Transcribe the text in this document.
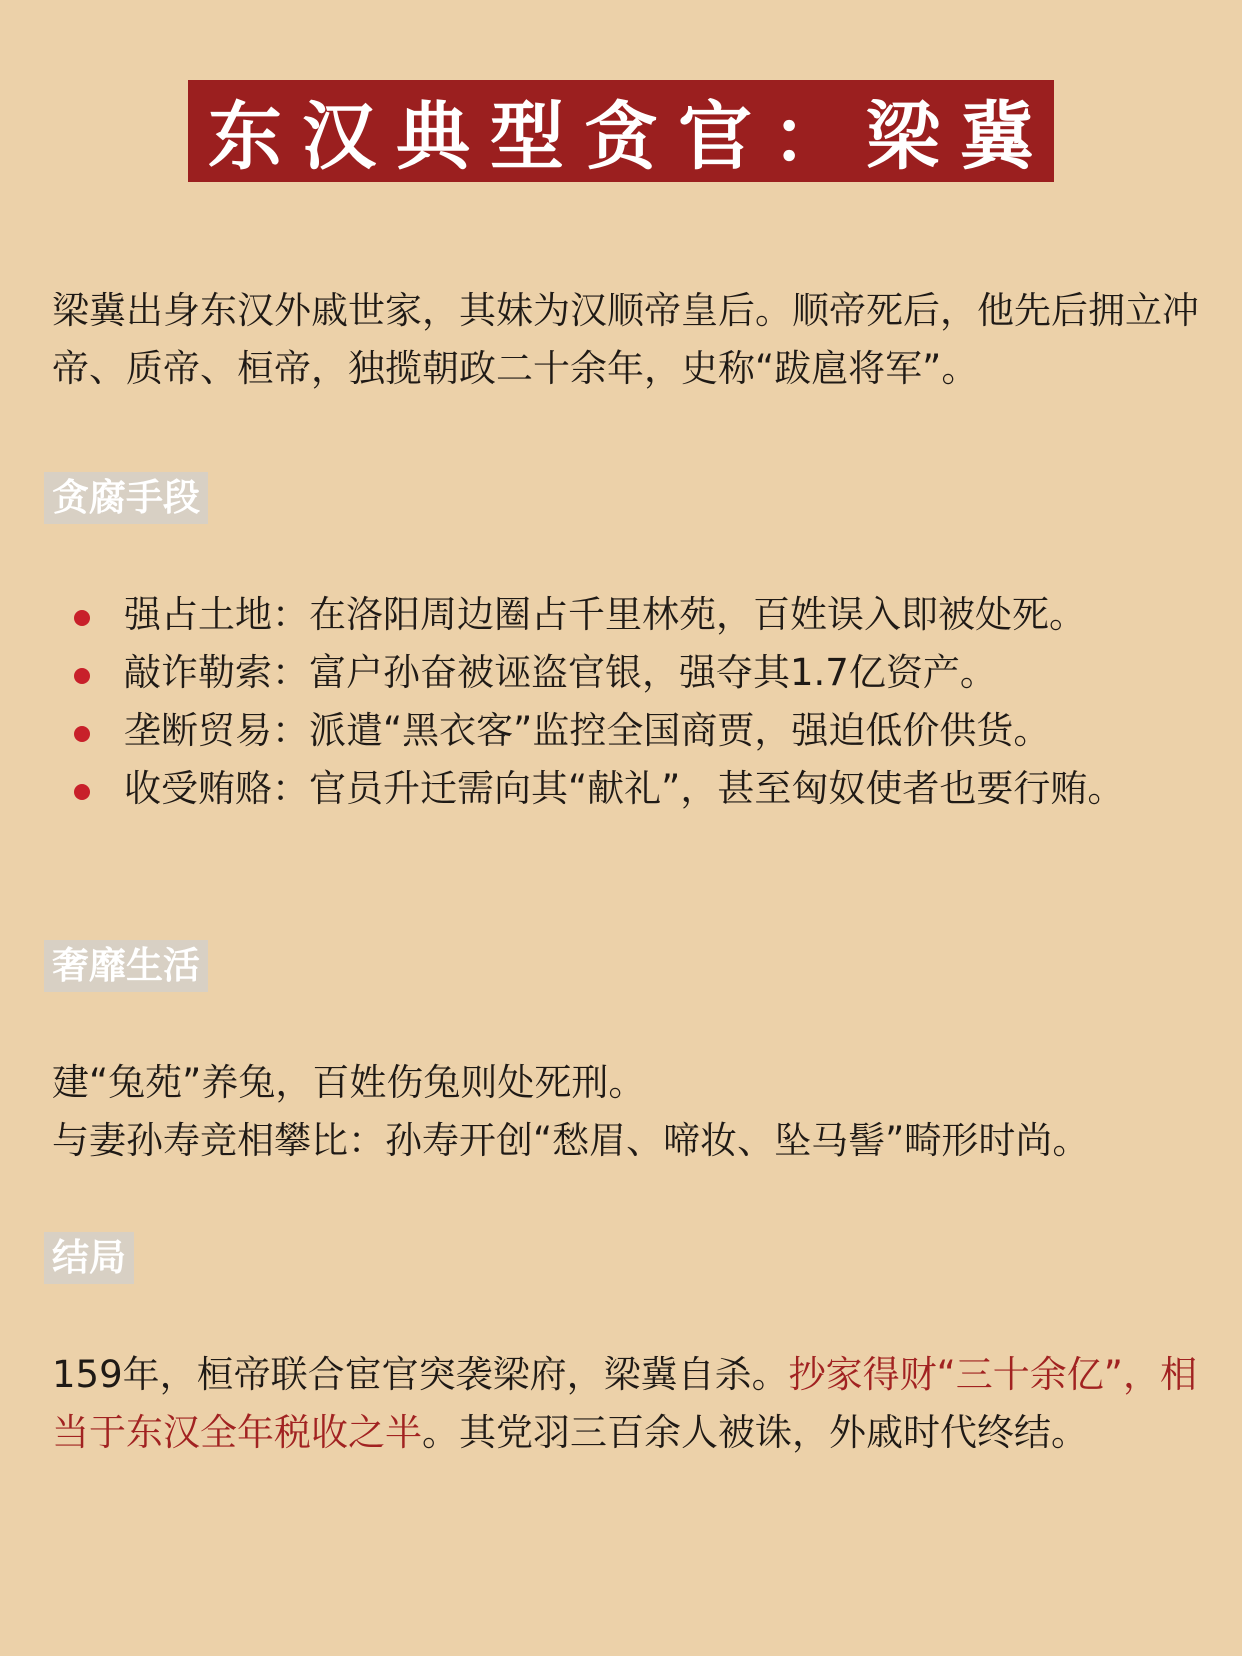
东汉典型贪官：梁冀
梁冀出身东汉外戚世家，其妹为汉顺帝皇后。顺帝死后，他先后拥立冲帝、质帝、桓帝，独揽朝政二十余年，史称“跋扈将军”。
贪腐手段
强占土地：在洛阳周边圈占千里林苑，百姓误入即被处死。
敲诈勒索：富户孙奋被诬盗官银，强夺其1.7亿资产。
垄断贸易：派遣“黑衣客”监控全国商贾，强迫低价供货。
收受贿赂：官员升迁需向其“献礼”，甚至匈奴使者也要行贿。
奢靡生活
建“兔苑”养兔，百姓伤兔则处死刑。
与妻孙寿竞相攀比：孙寿开创“愁眉、啼妆、坠马髻”畸形时尚。
结局
159年，桓帝联合宦官突袭梁府，梁冀自杀。抄家得财“三十余亿”，相当于东汉全年税收之半。其党羽三百余人被诛，外戚时代终结。
